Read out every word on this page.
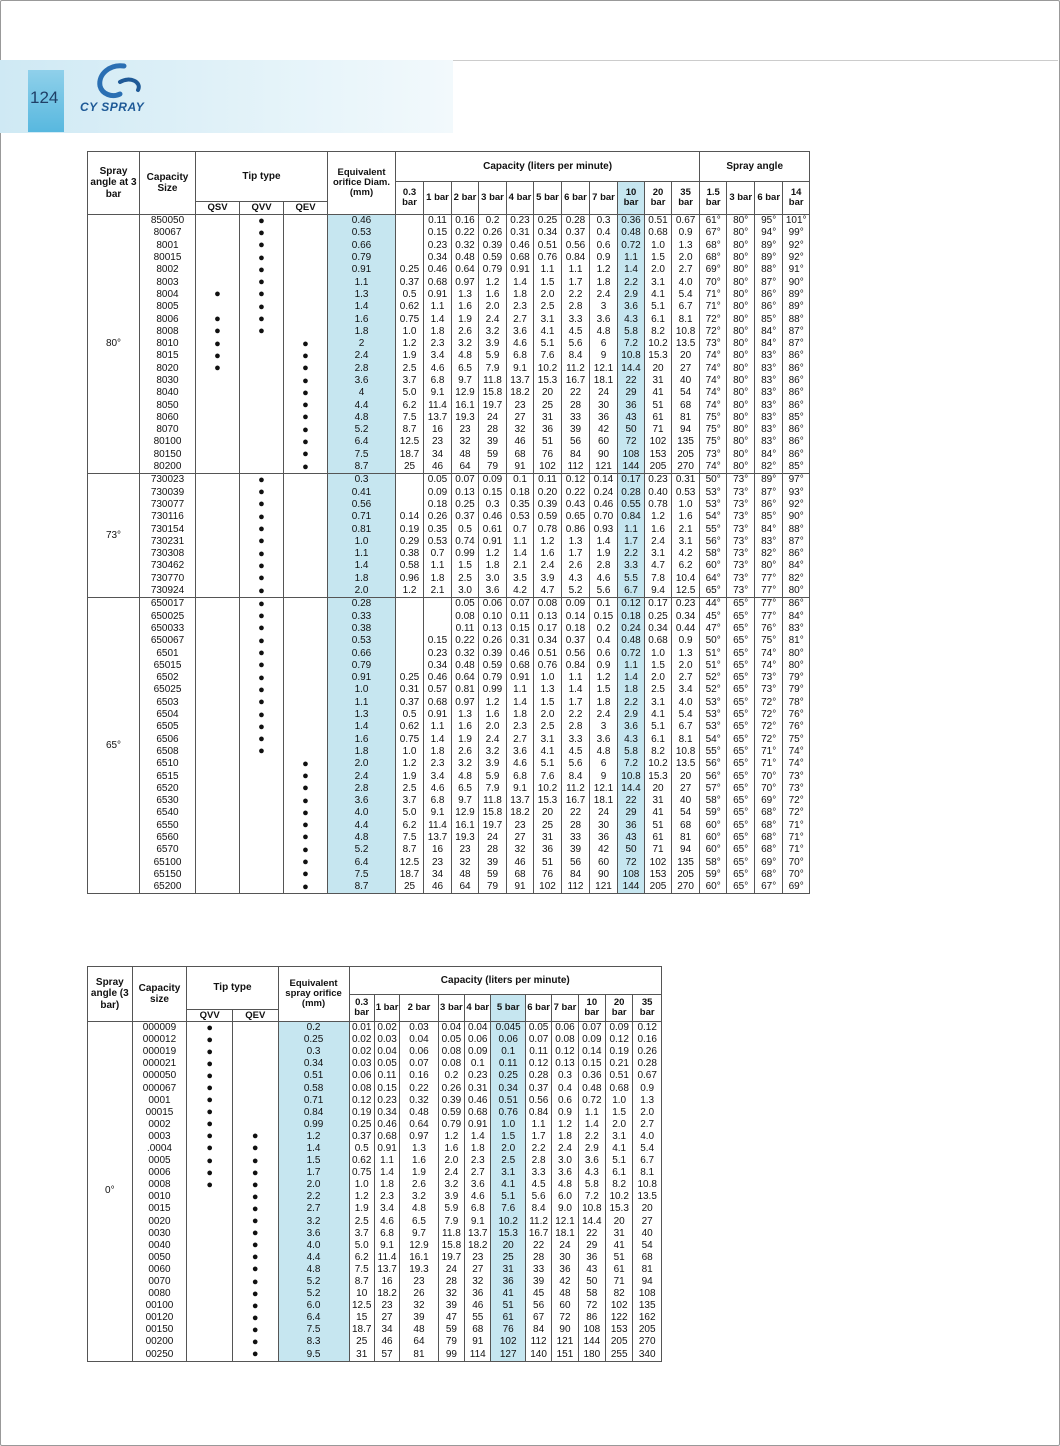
124 CY SPRAY
Spray angle at 3 bar	Capacity Size	Tip type			Equivalent orifice Diam.(mm)	Capacity (liters per minute)											Spray angle			
						0.3 bar	1 bar	2 bar	3 bar	4 bar	5 bar	6 bar	7 bar	10 bar	20 bar	35 bar	1.5 bar	3 bar	6 bar	14 bar
		QSV	QVV	QEV																
80°	850050		●		0.46		0.11	0.16	0.2	0.23	0.25	0.28	0.3	0.36	0.51	0.67	61°	80°	95°	101°
	80067		●		0.53		0.15	0.22	0.26	0.31	0.34	0.37	0.4	0.48	0.68	0.9	67°	80°	94°	99°
	8001		●		0.66		0.23	0.32	0.39	0.46	0.51	0.56	0.6	0.72	1.0	1.3	68°	80°	89°	92°
	80015		●		0.79		0.34	0.48	0.59	0.68	0.76	0.84	0.9	1.1	1.5	2.0	68°	80°	89°	92°
	8002		●		0.91	0.25	0.46	0.64	0.79	0.91	1.1	1.1	1.2	1.4	2.0	2.7	69°	80°	88°	91°
	8003		●		1.1	0.37	0.68	0.97	1.2	1.4	1.5	1.7	1.8	2.2	3.1	4.0	70°	80°	87°	90°
	8004	●	●		1.3	0.5	0.91	1.3	1.6	1.8	2.0	2.2	2.4	2.9	4.1	5.4	71°	80°	86°	89°
	8005		●		1.4	0.62	1.1	1.6	2.0	2.3	2.5	2.8	3	3.6	5.1	6.7	71°	80°	86°	89°
	8006	●	●		1.6	0.75	1.4	1.9	2.4	2.7	3.1	3.3	3.6	4.3	6.1	8.1	72°	80°	85°	88°
	8008	●	●		1.8	1.0	1.8	2.6	3.2	3.6	4.1	4.5	4.8	5.8	8.2	10.8	72°	80°	84°	87°
	8010	●		●	2	1.2	2.3	3.2	3.9	4.6	5.1	5.6	6	7.2	10.2	13.5	73°	80°	84°	87°
	8015	●		●	2.4	1.9	3.4	4.8	5.9	6.8	7.6	8.4	9	10.8	15.3	20	74°	80°	83°	86°
	8020	●		●	2.8	2.5	4.6	6.5	7.9	9.1	10.2	11.2	12.1	14.4	20	27	74°	80°	83°	86°
	8030			●	3.6	3.7	6.8	9.7	11.8	13.7	15.3	16.7	18.1	22	31	40	74°	80°	83°	86°
	8040			●	4	5.0	9.1	12.9	15.8	18.2	20	22	24	29	41	54	74°	80°	83°	86°
	8050			●	4.4	6.2	11.4	16.1	19.7	23	25	28	30	36	51	68	74°	80°	83°	86°
	8060			●	4.8	7.5	13.7	19.3	24	27	31	33	36	43	61	81	75°	80°	83°	85°
	8070			●	5.2	8.7	16	23	28	32	36	39	42	50	71	94	75°	80°	83°	86°
	80100			●	6.4	12.5	23	32	39	46	51	56	60	72	102	135	75°	80°	83°	86°
	80150			●	7.5	18.7	34	48	59	68	76	84	90	108	153	205	73°	80°	84°	86°
	80200			●	8.7	25	46	64	79	91	102	112	121	144	205	270	74°	80°	82°	85°
73°	730023		●		0.3		0.05	0.07	0.09	0.1	0.11	0.12	0.14	0.17	0.23	0.31	50°	73°	89°	97°
	730039		●		0.41		0.09	0.13	0.15	0.18	0.20	0.22	0.24	0.28	0.40	0.53	53°	73°	87°	93°
	730077		●		0.56		0.18	0.25	0.3	0.35	0.39	0.43	0.46	0.55	0.78	1.0	53°	73°	86°	92°
	730116		●		0.71	0.14	0.26	0.37	0.46	0.53	0.59	0.65	0.70	0.84	1.2	1.6	54°	73°	85°	90°
	730154		●		0.81	0.19	0.35	0.5	0.61	0.7	0.78	0.86	0.93	1.1	1.6	2.1	55°	73°	84°	88°
	730231		●		1.0	0.29	0.53	0.74	0.91	1.1	1.2	1.3	1.4	1.7	2.4	3.1	56°	73°	83°	87°
	730308		●		1.1	0.38	0.7	0.99	1.2	1.4	1.6	1.7	1.9	2.2	3.1	4.2	58°	73°	82°	86°
	730462		●		1.4	0.58	1.1	1.5	1.8	2.1	2.4	2.6	2.8	3.3	4.7	6.2	60°	73°	80°	84°
	730770		●		1.8	0.96	1.8	2.5	3.0	3.5	3.9	4.3	4.6	5.5	7.8	10.4	64°	73°	77°	82°
	730924		●		2.0	1.2	2.1	3.0	3.6	4.2	4.7	5.2	5.6	6.7	9.4	12.5	65°	73°	77°	80°
65°	650017		●		0.28			0.05	0.06	0.07	0.08	0.09	0.1	0.12	0.17	0.23	44°	65°	77°	86°
	650025		●		0.33			0.08	0.10	0.11	0.13	0.14	0.15	0.18	0.25	0.34	45°	65°	77°	84°
	650033		●		0.38			0.11	0.13	0.15	0.17	0.18	0.2	0.24	0.34	0.44	47°	65°	76°	83°
	650067		●		0.53		0.15	0.22	0.26	0.31	0.34	0.37	0.4	0.48	0.68	0.9	50°	65°	75°	81°
	6501		●		0.66		0.23	0.32	0.39	0.46	0.51	0.56	0.6	0.72	1.0	1.3	51°	65°	74°	80°
	65015		●		0.79		0.34	0.48	0.59	0.68	0.76	0.84	0.9	1.1	1.5	2.0	51°	65°	74°	80°
	6502		●		0.91	0.25	0.46	0.64	0.79	0.91	1.0	1.1	1.2	1.4	2.0	2.7	52°	65°	73°	79°
	65025		●		1.0	0.31	0.57	0.81	0.99	1.1	1.3	1.4	1.5	1.8	2.5	3.4	52°	65°	73°	79°
	6503		●		1.1	0.37	0.68	0.97	1.2	1.4	1.5	1.7	1.8	2.2	3.1	4.0	53°	65°	72°	78°
	6504		●		1.3	0.5	0.91	1.3	1.6	1.8	2.0	2.2	2.4	2.9	4.1	5.4	53°	65°	72°	76°
	6505		●		1.4	0.62	1.1	1.6	2.0	2.3	2.5	2.8	3	3.6	5.1	6.7	53°	65°	72°	76°
	6506		●		1.6	0.75	1.4	1.9	2.4	2.7	3.1	3.3	3.6	4.3	6.1	8.1	54°	65°	72°	75°
	6508		●		1.8	1.0	1.8	2.6	3.2	3.6	4.1	4.5	4.8	5.8	8.2	10.8	55°	65°	71°	74°
	6510			●	2.0	1.2	2.3	3.2	3.9	4.6	5.1	5.6	6	7.2	10.2	13.5	56°	65°	71°	74°
	6515			●	2.4	1.9	3.4	4.8	5.9	6.8	7.6	8.4	9	10.8	15.3	20	56°	65°	70°	73°
	6520			●	2.8	2.5	4.6	6.5	7.9	9.1	10.2	11.2	12.1	14.4	20	27	57°	65°	70°	73°
	6530			●	3.6	3.7	6.8	9.7	11.8	13.7	15.3	16.7	18.1	22	31	40	58°	65°	69°	72°
	6540			●	4.0	5.0	9.1	12.9	15.8	18.2	20	22	24	29	41	54	59°	65°	68°	72°
	6550			●	4.4	6.2	11.4	16.1	19.7	23	25	28	30	36	51	68	60°	65°	68°	71°
	6560			●	4.8	7.5	13.7	19.3	24	27	31	33	36	43	61	81	60°	65°	68°	71°
	6570			●	5.2	8.7	16	23	28	32	36	39	42	50	71	94	60°	65°	68°	71°
	65100			●	6.4	12.5	23	32	39	46	51	56	60	72	102	135	58°	65°	69°	70°
	65150			●	7.5	18.7	34	48	59	68	76	84	90	108	153	205	59°	65°	68°	70°
	65200			●	8.7	25	46	64	79	91	102	112	121	144	205	270	60°	65°	67°	69°
Spray angle (3 bar)	Capacity size	Tip type		Equivalent spray orifice (mm)	Capacity (liters per minute)										
					0.3 bar	1 bar	2 bar	3 bar	4 bar	5 bar	6 bar	7 bar	10 bar	20 bar	35 bar
		QVV	QEV												
0°	000009	●		0.2	0.01	0.02	0.03	0.04	0.04	0.045	0.05	0.06	0.07	0.09	0.12
	000012	●		0.25	0.02	0.03	0.04	0.05	0.06	0.06	0.07	0.08	0.09	0.12	0.16
	000019	●		0.3	0.02	0.04	0.06	0.08	0.09	0.1	0.11	0.12	0.14	0.19	0.26
	000021	●		0.34	0.03	0.05	0.07	0.08	0.1	0.11	0.12	0.13	0.15	0.21	0.28
	000050	●		0.51	0.06	0.11	0.16	0.2	0.23	0.25	0.28	0.3	0.36	0.51	0.67
	000067	●		0.58	0.08	0.15	0.22	0.26	0.31	0.34	0.37	0.4	0.48	0.68	0.9
	0001	●		0.71	0.12	0.23	0.32	0.39	0.46	0.51	0.56	0.6	0.72	1.0	1.3
	00015	●		0.84	0.19	0.34	0.48	0.59	0.68	0.76	0.84	0.9	1.1	1.5	2.0
	0002	●		0.99	0.25	0.46	0.64	0.79	0.91	1.0	1.1	1.2	1.4	2.0	2.7
	0003	●	●	1.2	0.37	0.68	0.97	1.2	1.4	1.5	1.7	1.8	2.2	3.1	4.0
	.0004	●	●	1.4	0.5	0.91	1.3	1.6	1.8	2.0	2.2	2.4	2.9	4.1	5.4
	0005	●	●	1.5	0.62	1.1	1.6	2.0	2.3	2.5	2.8	3.0	3.6	5.1	6.7
	0006	●	●	1.7	0.75	1.4	1.9	2.4	2.7	3.1	3.3	3.6	4.3	6.1	8.1
	0008	●	●	2.0	1.0	1.8	2.6	3.2	3.6	4.1	4.5	4.8	5.8	8.2	10.8
	0010		●	2.2	1.2	2.3	3.2	3.9	4.6	5.1	5.6	6.0	7.2	10.2	13.5
	0015		●	2.7	1.9	3.4	4.8	5.9	6.8	7.6	8.4	9.0	10.8	15.3	20
	0020		●	3.2	2.5	4.6	6.5	7.9	9.1	10.2	11.2	12.1	14.4	20	27
	0030		●	3.6	3.7	6.8	9.7	11.8	13.7	15.3	16.7	18.1	22	31	40
	0040		●	4.0	5.0	9.1	12.9	15.8	18.2	20	22	24	29	41	54
	0050		●	4.4	6.2	11.4	16.1	19.7	23	25	28	30	36	51	68
	0060		●	4.8	7.5	13.7	19.3	24	27	31	33	36	43	61	81
	0070		●	5.2	8.7	16	23	28	32	36	39	42	50	71	94
	0080		●	5.2	10	18.2	26	32	36	41	45	48	58	82	108
	00100		●	6.0	12.5	23	32	39	46	51	56	60	72	102	135
	00120		●	6.4	15	27	39	47	55	61	67	72	86	122	162
	00150		●	7.5	18.7	34	48	59	68	76	84	90	108	153	205
	00200		●	8.3	25	46	64	79	91	102	112	121	144	205	270
	00250		●	9.5	31	57	81	99	114	127	140	151	180	255	340
